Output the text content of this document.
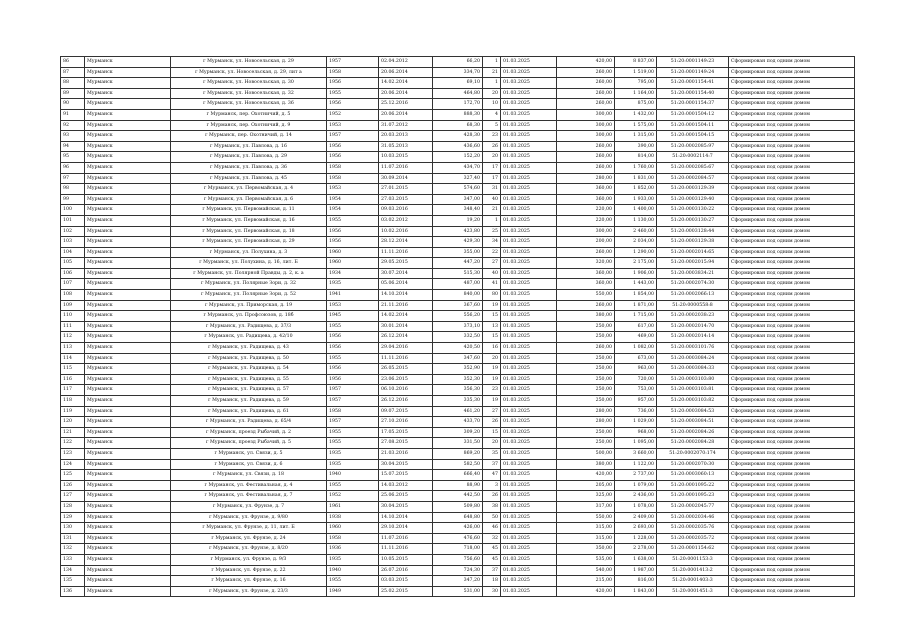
86	Мурманск	г Мурманск, ул. Новосельская, д. 29	1957	02.04.2012	66,20	1	01.03.2025	420,00	8 837,00	51:20:0001149:23	Сформирован под одним домом
87	Мурманск	г Мурманск, ул. Новосельская, д. 29, лит а	1958	20.06.2014	334,70	21	01.03.2025	260,00	1 519,00	51:20:0001149:24	Сформирован под одним домом
88	Мурманск	г Мурманск, ул. Новосельская, д. 30	1956	14.02.2014	69,10	1	01.03.2025	260,00	795,00	51:20:0001154:41	Сформирован под одним домом
89	Мурманск	г Мурманск, ул. Новосельская, д. 32	1955	20.06.2014	464,80	20	01.03.2025	260,00	1 164,00	51:20:0001154:40	Сформирован под одним домом
90	Мурманск	г Мурманск, ул. Новосельская, д. 36	1956	25.12.2016	172,70	10	01.03.2025	260,00	875,00	51:20:0001154:37	Сформирован под одним домом
91	Мурманск	г Мурманск, пер. Охотничий, д. 5	1952	20.06.2014	888,30	4	01.03.2025	300,00	1 432,00	51:20:0001504:12	Сформирован под одним домом
92	Мурманск	г Мурманск, пер. Охотничий, д. 9	1953	31.07.2012	68,30	5	01.03.2025	300,00	1 575,00	51:20:0001504:11	Сформирован под одним домом
93	Мурманск	г Мурманск, пер. Охотничий, д. 14	1957	20.03.2013	428,30	23	01.03.2025	300,00	1 315,00	51:20:0001504:15	Сформирован под одним домом
94	Мурманск	г Мурманск, ул. Павлова, д. 16	1956	31.05.2013	436,60	26	01.03.2025	260,00	390,00	51:20:0002085:97	Сформирован под одним домом
95	Мурманск	г Мурманск, ул. Павлова, д. 29	1956	10.03.2015	152,20	20	01.03.2025	260,00	814,00	51:20:0002114:7	Сформирован под одним домом
96	Мурманск	г Мурманск, ул. Павлова, д. 36	1958	11.07.2016	434,70	17	01.03.2025	260,00	1 760,00	51:20:0002085:67	Сформирован под одним домом
97	Мурманск	г Мурманск, ул. Павлова, д. 45	1958	30.09.2014	327,40	17	01.03.2025	280,00	1 831,00	51:20:0002084:57	Сформирован под одним домом
98	Мурманск	г Мурманск, ул. Первомайская, д. 4	1953	27.01.2015	574,60	31	01.03.2025	360,00	1 852,00	51:20:0003129:39	Сформирован под одним домом
99	Мурманск	г Мурманск, ул. Первомайская, д. 6	1954	27.03.2015	347,00	40	01.03.2025	360,00	1 933,00	51:20:0003129:40	Сформирован под одним домом
100	Мурманск	г Мурманск, ул. Первомайская, д. 11	1954	09.03.2016	348,40	21	01.03.2025	220,00	1 400,00	51:20:0003130:22	Сформирован под одним домом
101	Мурманск	г Мурманск, ул. Первомайская, д. 16	1955	03.02.2012	19,20	1	01.03.2025	220,00	1 130,00	51:20:0003130:27	Сформирован под одним домом
102	Мурманск	г Мурманск, ул. Первомайская, д. 18	1956	10.02.2016	423,80	25	01.03.2025	300,00	2 460,00	51:20:0003128:44	Сформирован под одним домом
103	Мурманск	г Мурманск, ул. Первомайская, д. 29	1956	28.12.2014	429,30	34	01.03.2025	200,00	2 034,00	51:20:0003129:38	Сформирован под одним домом
104	Мурманск	г Мурманск, ул. Полухина, д. 3	1960	11.11.2016	355,00	22	01.03.2025	260,00	1 290,00	51:20:0002014:65	Сформирован под одним домом
105	Мурманск	г Мурманск, ул. Полухина, д. 16, лит. Б	1960	29.05.2015	447,20	27	01.03.2025	320,00	2 175,00	51:20:0002015:94	Сформирован под одним домом
106	Мурманск	г Мурманск, ул. Полярной Правды, д. 2, к. а	1934	30.07.2014	515,30	40	01.03.2025	360,00	1 906,00	51:20:0003834:21	Сформирован под одним домом
107	Мурманск	г Мурманск, ул. Полярные Зори, д. 32	1935	05.06.2014	487,00	41	01.03.2025	360,00	1 443,00	51:20:0002074:30	Сформирован под одним домом
108	Мурманск	г Мурманск, ул. Полярные Зори, д. 52	1941	14.10.2014	840,00	80	01.03.2025	550,00	1 854,00	51:20:0002066:13	Сформирован под одним домом
109	Мурманск	г Мурманск, ул. Приморская, д. 19	1953	21.11.2016	367,60	19	01.03.2025	260,00	1 871,00	51:20:0000558:8	Сформирован под одним домом
110	Мурманск	г Мурманск, ул. Профсоюзов, д. 18б	1945	14.02.2014	556,20	15	01.03.2025	380,00	1 715,00	51:20:0002038:23	Сформирован под одним домом
111	Мурманск	г Мурманск, ул. Радищева, д. 37/3	1955	30.01.2014	373,10	13	01.03.2025	250,00	617,00	51:20:0002014:70	Сформирован под одним домом
112	Мурманск	г Мурманск, ул. Радищева, д. 42/10	1956	26.12.2014	332,50	15	01.03.2025	250,00	469,00	51:20:0002014:14	Сформирован под одним домом
113	Мурманск	г Мурманск, ул. Радищева, д. 43	1956	29.04.2016	420,50	16	01.03.2025	260,00	1 082,00	51:20:0003101:76	Сформирован под одним домом
114	Мурманск	г Мурманск, ул. Радищева, д. 50	1955	11.11.2016	347,60	20	01.03.2025	250,00	673,00	51:20:0003084:24	Сформирован под одним домом
115	Мурманск	г Мурманск, ул. Радищева, д. 54	1956	26.05.2015	352,90	19	01.03.2025	250,00	963,00	51:20:0003084:33	Сформирован под одним домом
116	Мурманск	г Мурманск, ул. Радищева, д. 55	1956	23.06.2015	352,30	19	01.03.2025	250,00	720,00	51:20:0003103:80	Сформирован под одним домом
117	Мурманск	г Мурманск, ул. Радищева, д. 57	1957	06.10.2016	356,30	23	01.03.2025	250,00	753,00	51:20:0003103:81	Сформирован под одним домом
118	Мурманск	г Мурманск, ул. Радищева, д. 59	1957	26.12.2016	335,30	19	01.03.2025	250,00	957,00	51:20:0003103:82	Сформирован под одним домом
119	Мурманск	г Мурманск, ул. Радищева, д. 61	1958	09.07.2015	461,20	27	01.03.2025	280,00	736,00	51:20:0003084:53	Сформирован под одним домом
120	Мурманск	г Мурманск, ул. Радищева, д. 65/4	1957	27.10.2016	433,70	26	01.03.2025	280,00	1 029,00	51:20:0003084:51	Сформирован под одним домом
121	Мурманск	г Мурманск, проезд Рыбачий, д. 2	1955	17.05.2015	309,20	15	01.03.2025	250,00	968,00	51:20:0002084:26	Сформирован под одним домом
122	Мурманск	г Мурманск, проезд Рыбачий, д. 5	1955	27.08.2015	331,50	20	01.03.2025	250,00	1 095,00	51:20:0002084:28	Сформирован под одним домом
123	Мурманск	г Мурманск, ул. Связи, д. 5	1935	21.03.2016	869,20	35	01.03.2025	500,00	3 660,00	51:20:0002070:174	Сформирован под одним домом
124	Мурманск	г Мурманск, ул. Связи, д. 6	1935	30.04.2015	582,50	37	01.03.2025	380,00	1 122,00	51:20:0002070:30	Сформирован под одним домом
125	Мурманск	г Мурманск, ул. Связи, д. 18	1940	15.07.2015	666,40	47	01.03.2025	420,00	2 737,00	51:20:0003060:13	Сформирован под одним домом
126	Мурманск	г Мурманск, ул. Фестивальная, д. 4	1955	14.03.2012	88,90	3	01.03.2025	205,00	1 079,00	51:20:0001095:22	Сформирован под одним домом
127	Мурманск	г Мурманск, ул. Фестивальная, д. 7	1952	25.06.2015	442,50	26	01.03.2025	325,00	2 436,00	51:20:0001095:23	Сформирован под одним домом
128	Мурманск	г Мурманск, ул. Фрунзе, д. 7	1961	30.04.2015	509,80	38	01.03.2025	317,00	1 078,00	51:20:0002045:77	Сформирован под одним домом
129	Мурманск	г Мурманск, ул. Фрунзе, д. 9/80	1938	14.10.2014	648,80	50	01.03.2025	550,00	2 409,00	51:20:0002034:46	Сформирован под одним домом
130	Мурманск	г Мурманск, ул. Фрунзе, д. 11, лит. Б	1960	29.10.2014	426,00	46	01.03.2025	315,00	2 693,00	51:20:0002035:76	Сформирован под одним домом
131	Мурманск	г Мурманск, ул. Фрунзе, д. 24	1958	11.07.2016	476,60	32	01.03.2025	315,00	1 228,00	51:20:0002035:72	Сформирован под одним домом
132	Мурманск	г Мурманск, ул. Фрунзе, д. 8/20	1936	11.11.2016	718,00	45	01.03.2025	350,00	2 278,00	51:20:0001154:62	Сформирован под одним домом
133	Мурманск	г Мурманск, ул. Фрунзе, д. 9/3	1935	10.05.2015	756,60	45	01.03.2025	535,00	1 638,00	51:20:0001153:3	Сформирован под одним домом
134	Мурманск	г Мурманск, ул. Фрунзе, д. 22	1940	26.07.2016	724,30	37	01.03.2025	540,00	1 987,00	51:20:0001413:2	Сформирован под одним домом
135	Мурманск	г Мурманск, ул. Фрунзе, д. 16	1955	03.03.2015	347,20	18	01.03.2025	215,00	816,00	51:20:0001403:3	Сформирован под одним домом
136	Мурманск	г Мурманск, ул. Фрунзе, д. 23/3	1949	25.02.2015	531,00	30	01.03.2025	420,00	1 843,00	51:20:0001451:3	Сформирован под одним домом
